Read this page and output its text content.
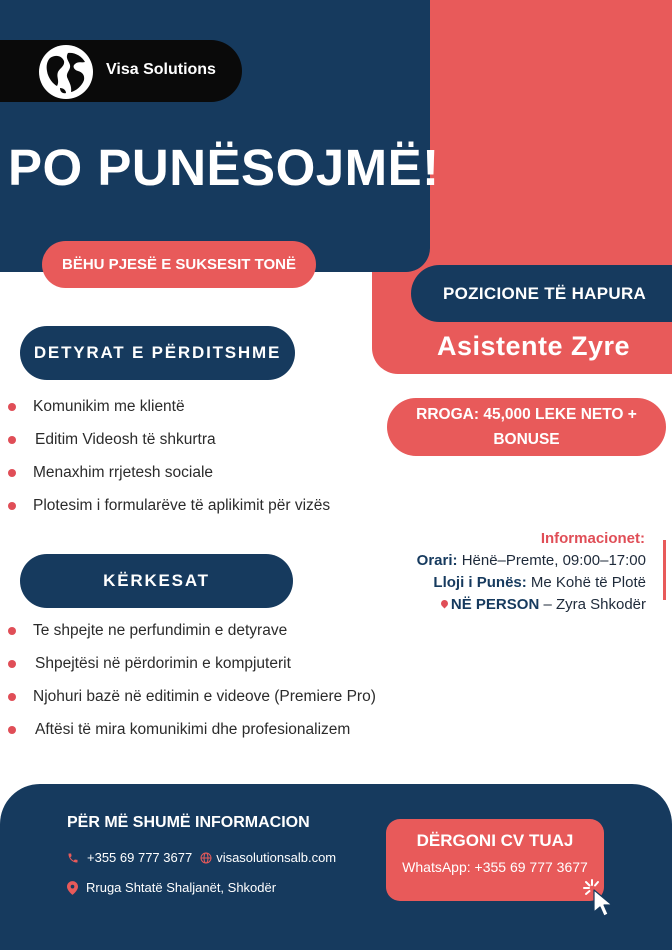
Visa Solutions
PO PUNËSOJMË!
BËHU PJESË E SUKSESIT TONË
POZICIONE TË HAPURA
Asistente Zyre
DETYRAT E PËRDITSHME
Komunikim me klientë
Editim Videosh të shkurtra
Menaxhim rrjetesh sociale
Plotesim i formularëve të aplikimit për vizës
RROGA: 45,000 LEKE NETO +
BONUSE
Informacionet:
Orari: Hënë–Premte, 09:00–17:00
Lloji i Punës: Me Kohë të Plotë
NË PERSON – Zyra Shkodër
KËRKESAT
Te shpejte ne perfundimin e detyrave
Shpejtësi në përdorimin e kompjuterit
Njohuri bazë në editimin e videove (Premiere Pro)
Aftësi të mira komunikimi dhe profesionalizem
PËR MË SHUMË INFORMACION
+355 69 777 3677 visasolutionsalb.com
Rruga Shtatë Shaljanët, Shkodër
DËRGONI CV TUAJ
WhatsApp: +355 69 777 3677
